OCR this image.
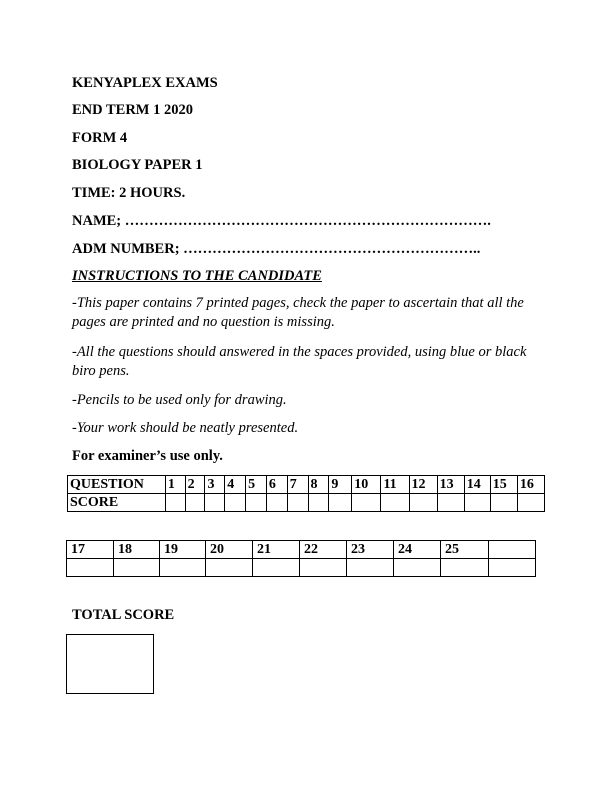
KENYAPLEX EXAMS
END TERM 1 2020
FORM 4
BIOLOGY PAPER 1
TIME: 2 HOURS.
NAME; ………………………………………………………………….
ADM NUMBER; ……………………………………………………..
INSTRUCTIONS TO THE CANDIDATE
-This paper contains 7 printed pages, check the paper to ascertain that all the pages are printed and no question is missing.
-All the questions should answered in the spaces provided, using blue or black biro pens.
-Pencils to be used only for drawing.
-Your work should be neatly presented.
For examiner’s use only.
QUESTION	1	2	3	4	5	6	7	8	9	10	11	12	13	14	15	16
SCORE																
17	18	19	20	21	22	23	24	25	

TOTAL SCORE
